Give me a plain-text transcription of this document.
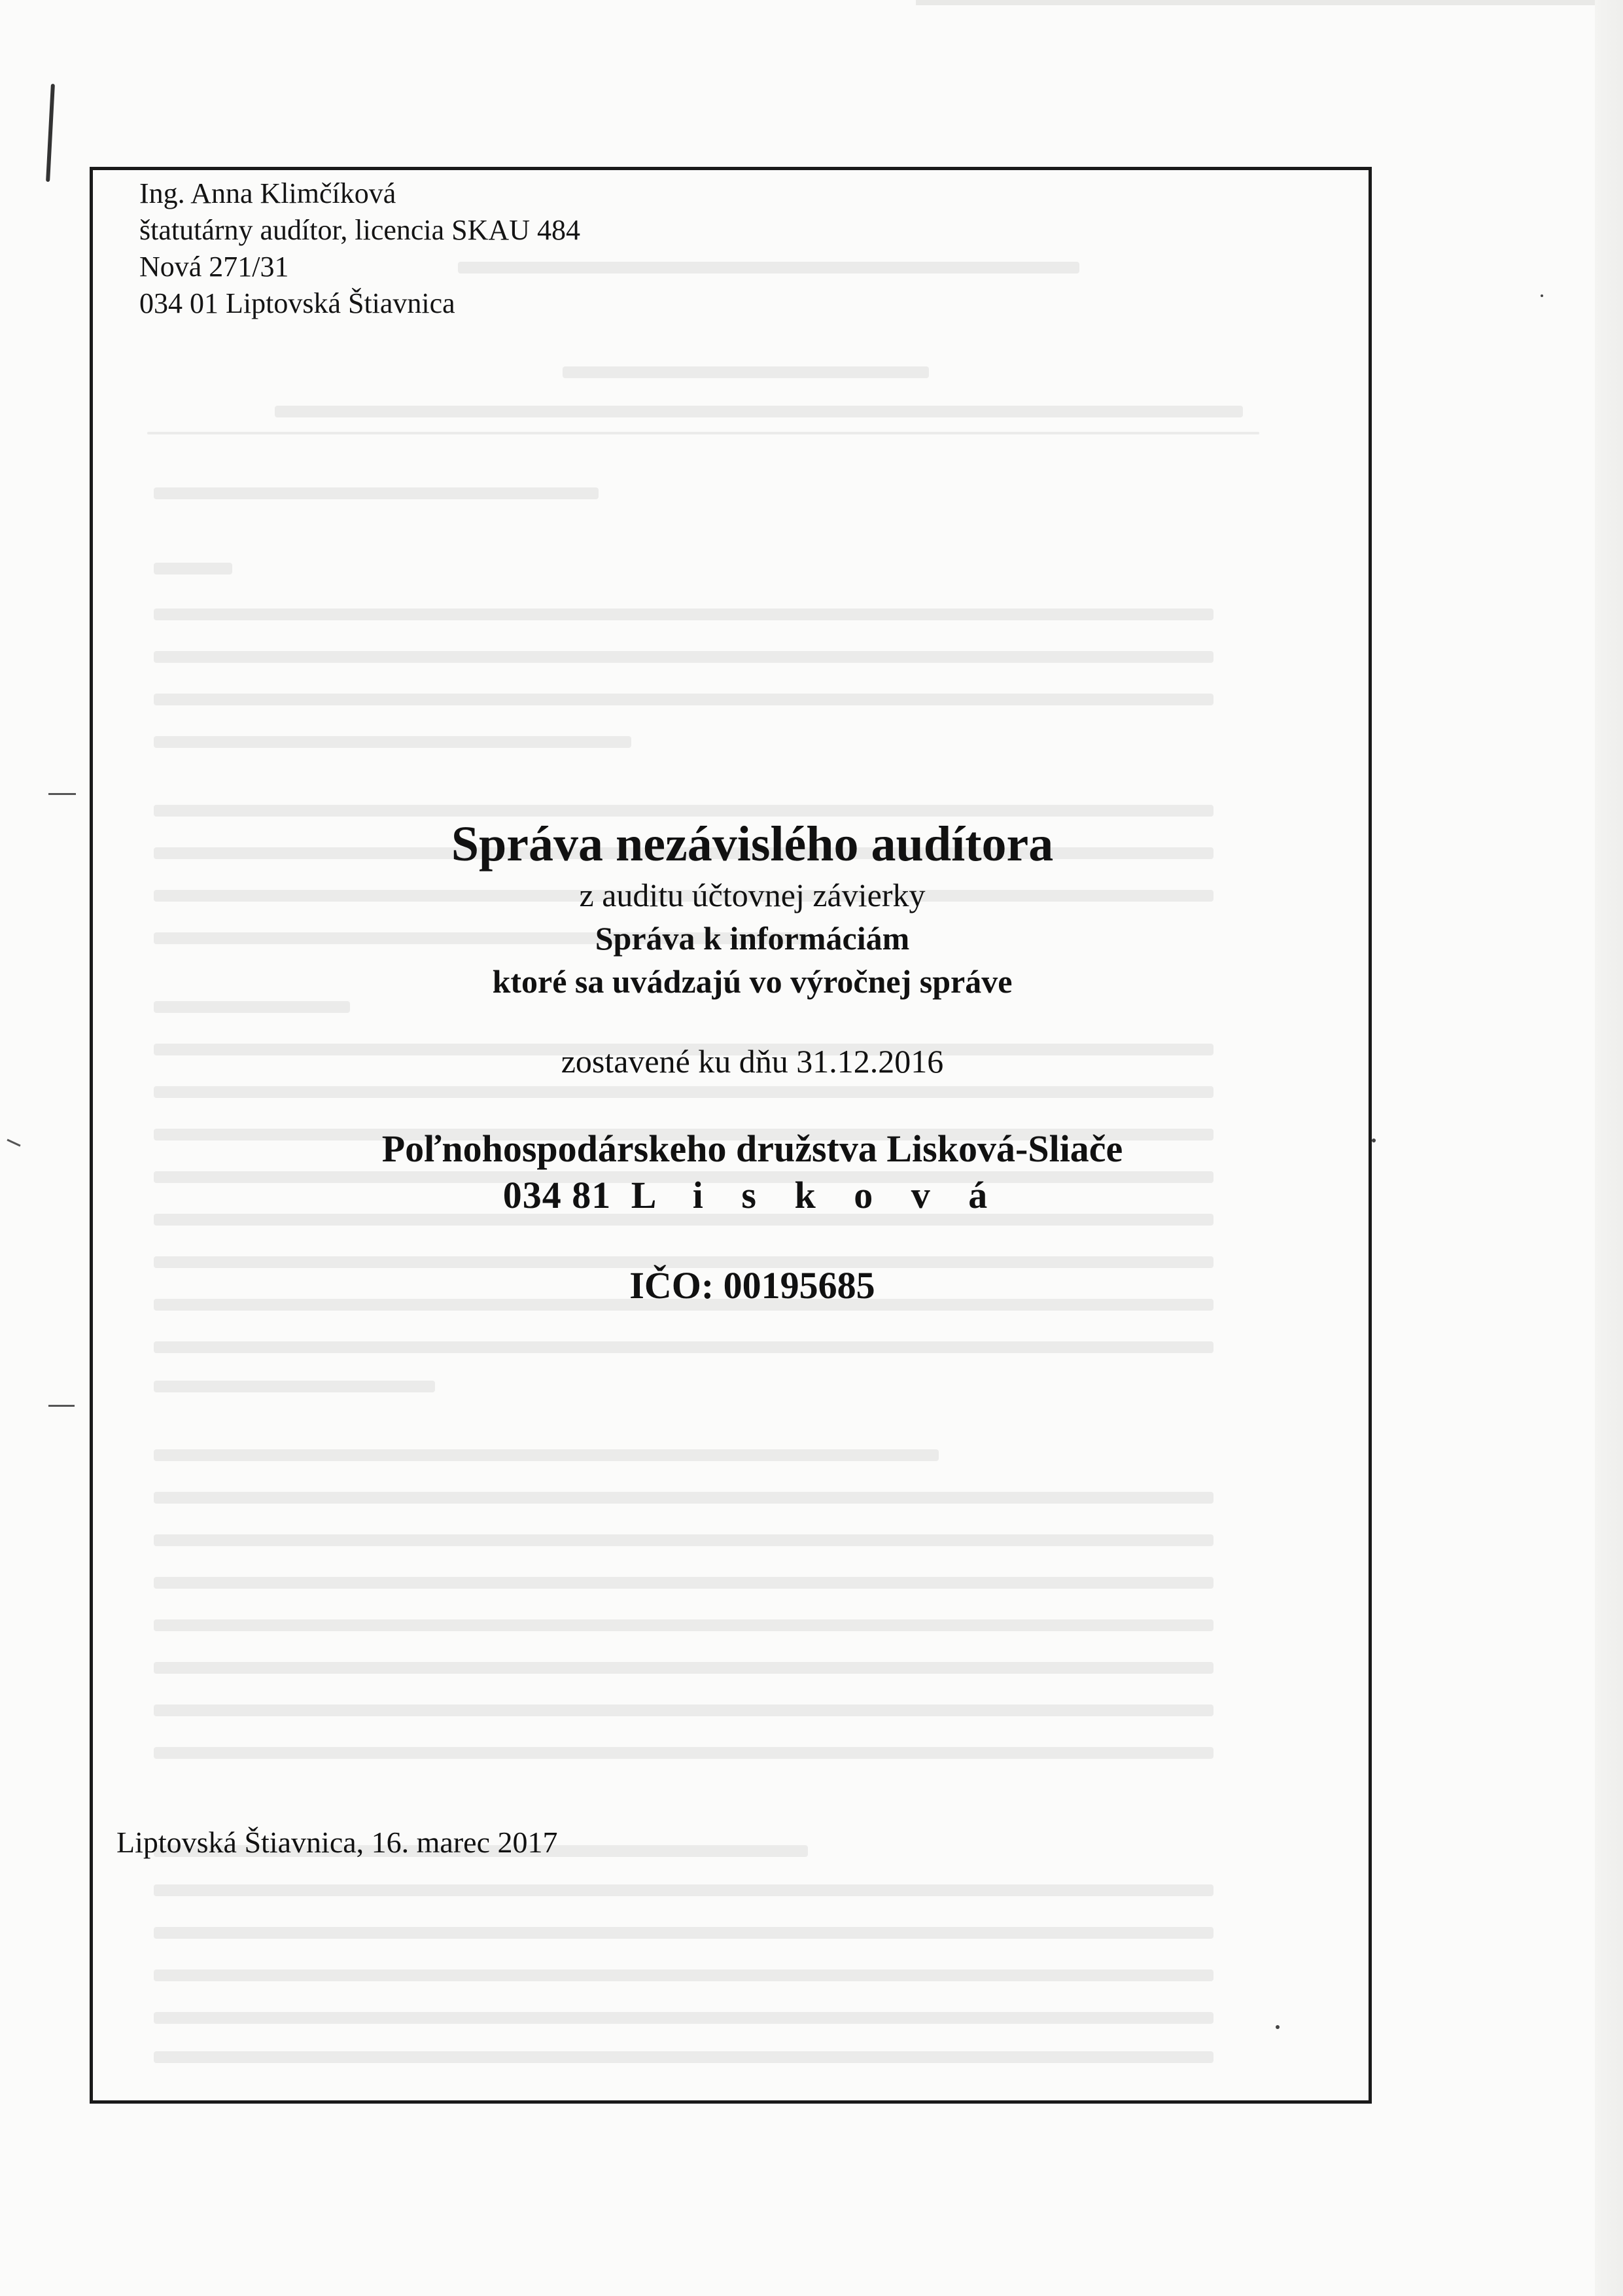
Ing. Anna Klimčíková
štatutárny audítor, licencia SKAU 484
Nová 271/31
034 01 Liptovská Štiavnica
Správa nezávislého audítora
z auditu účtovnej závierky
Správa k informáciám
ktoré sa uvádzajú vo výročnej správe
zostavené ku dňu 31.12.2016
Poľnohospodárskeho družstva Lisková-Sliače
034 81 L i s k o v á
IČO: 00195685
Liptovská Štiavnica, 16. marec 2017
